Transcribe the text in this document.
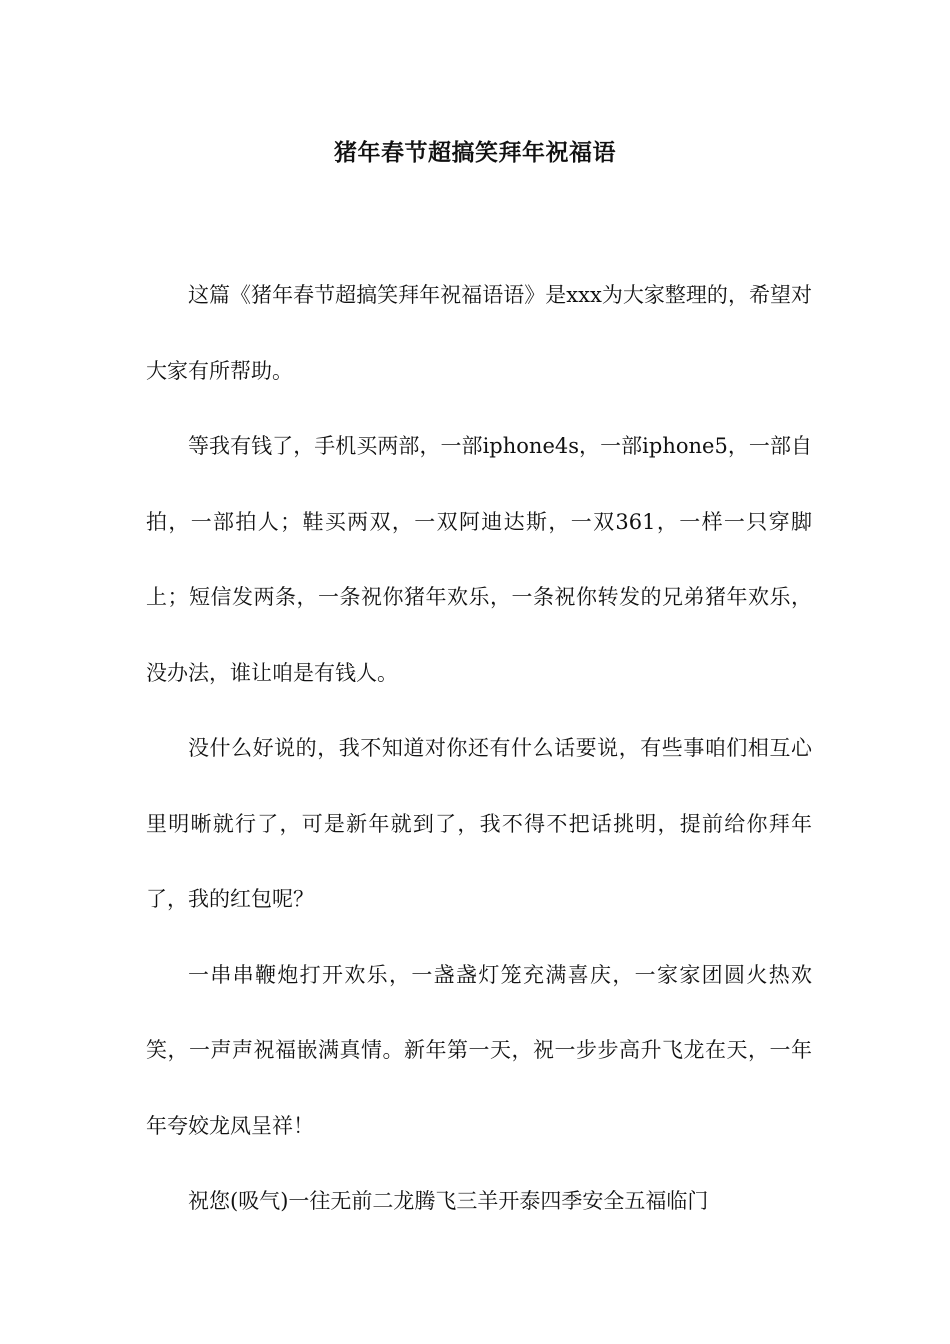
猪年春节超搞笑拜年祝福语

这篇《猪年春节超搞笑拜年祝福语语》是xxx为大家整理的，希望对大家有所帮助。

等我有钱了，手机买两部，一部iphone4s，一部iphone5，一部自拍，一部拍人；鞋买两双，一双阿迪达斯，一双361，一样一只穿脚上；短信发两条，一条祝你猪年欢乐，一条祝你转发的兄弟猪年欢乐，没办法，谁让咱是有钱人。

没什么好说的，我不知道对你还有什么话要说，有些事咱们相互心里明晰就行了，可是新年就到了，我不得不把话挑明，提前给你拜年了，我的红包呢？

一串串鞭炮打开欢乐，一盏盏灯笼充满喜庆，一家家团圆火热欢笑，一声声祝福嵌满真情。新年第一天，祝一步步高升飞龙在天，一年年夸姣龙凤呈祥！

祝您(吸气)一往无前二龙腾飞三羊开泰四季安全五福临门
